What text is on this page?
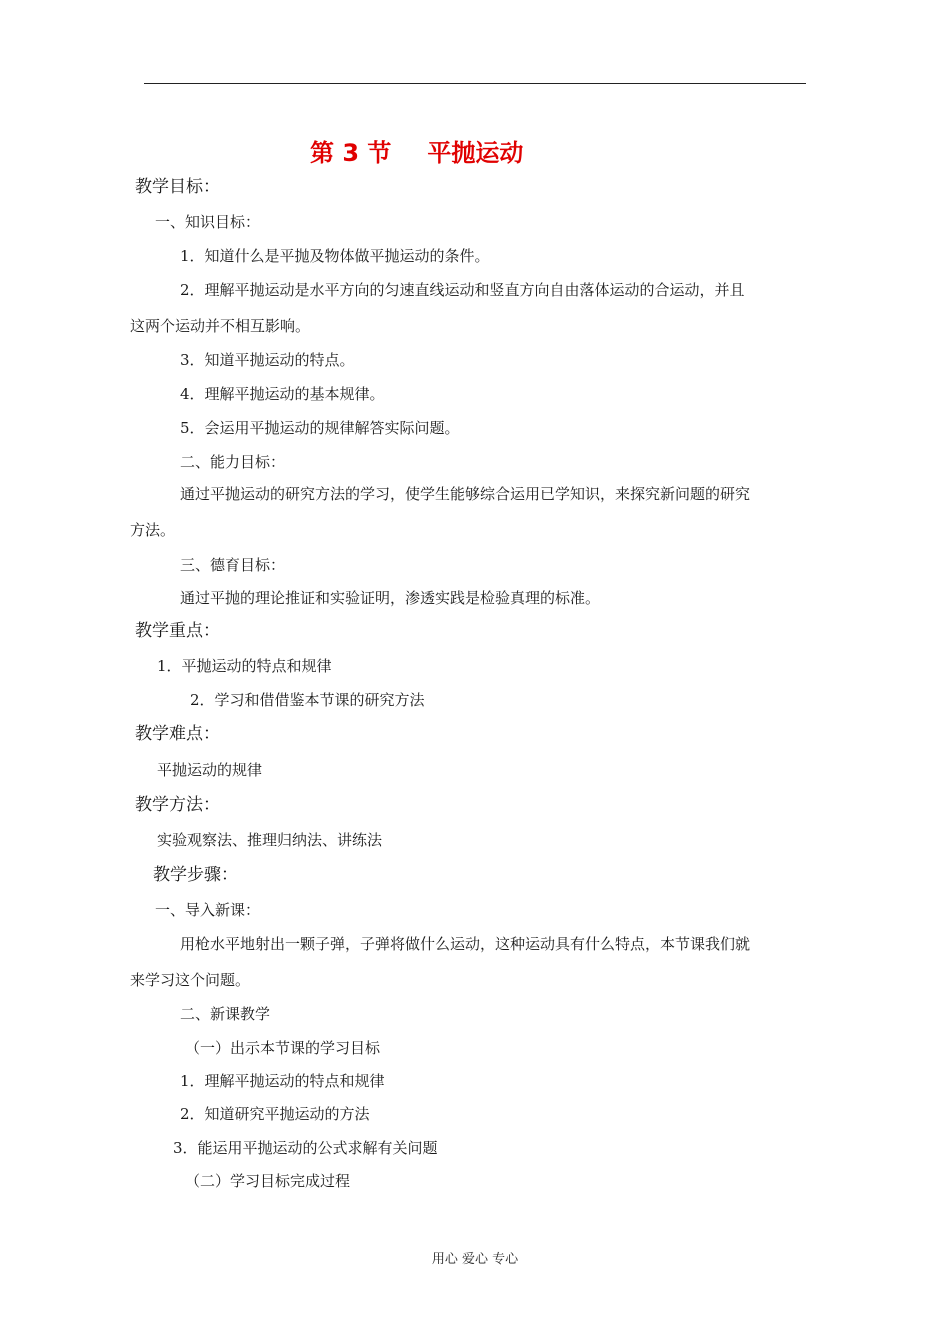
第 3 节 平抛运动
教学目标：
一、知识目标：
1．知道什么是平抛及物体做平抛运动的条件。
2．理解平抛运动是水平方向的匀速直线运动和竖直方向自由落体运动的合运动，并且
这两个运动并不相互影响。
3．知道平抛运动的特点。
4．理解平抛运动的基本规律。
5．会运用平抛运动的规律解答实际问题。
二、能力目标：
通过平抛运动的研究方法的学习，使学生能够综合运用已学知识，来探究新问题的研究
方法。
三、德育目标：
通过平抛的理论推证和实验证明，渗透实践是检验真理的标准。
教学重点：
1．平抛运动的特点和规律
2．学习和借借鉴本节课的研究方法
教学难点：
平抛运动的规律
教学方法：
实验观察法、推理归纳法、讲练法
教学步骤：
一、导入新课：
用枪水平地射出一颗子弹，子弹将做什么运动，这种运动具有什么特点，本节课我们就
来学习这个问题。
二、新课教学
（一）出示本节课的学习目标
1．理解平抛运动的特点和规律
2．知道研究平抛运动的方法
3．能运用平抛运动的公式求解有关问题
（二）学习目标完成过程
用心 爱心 专心
